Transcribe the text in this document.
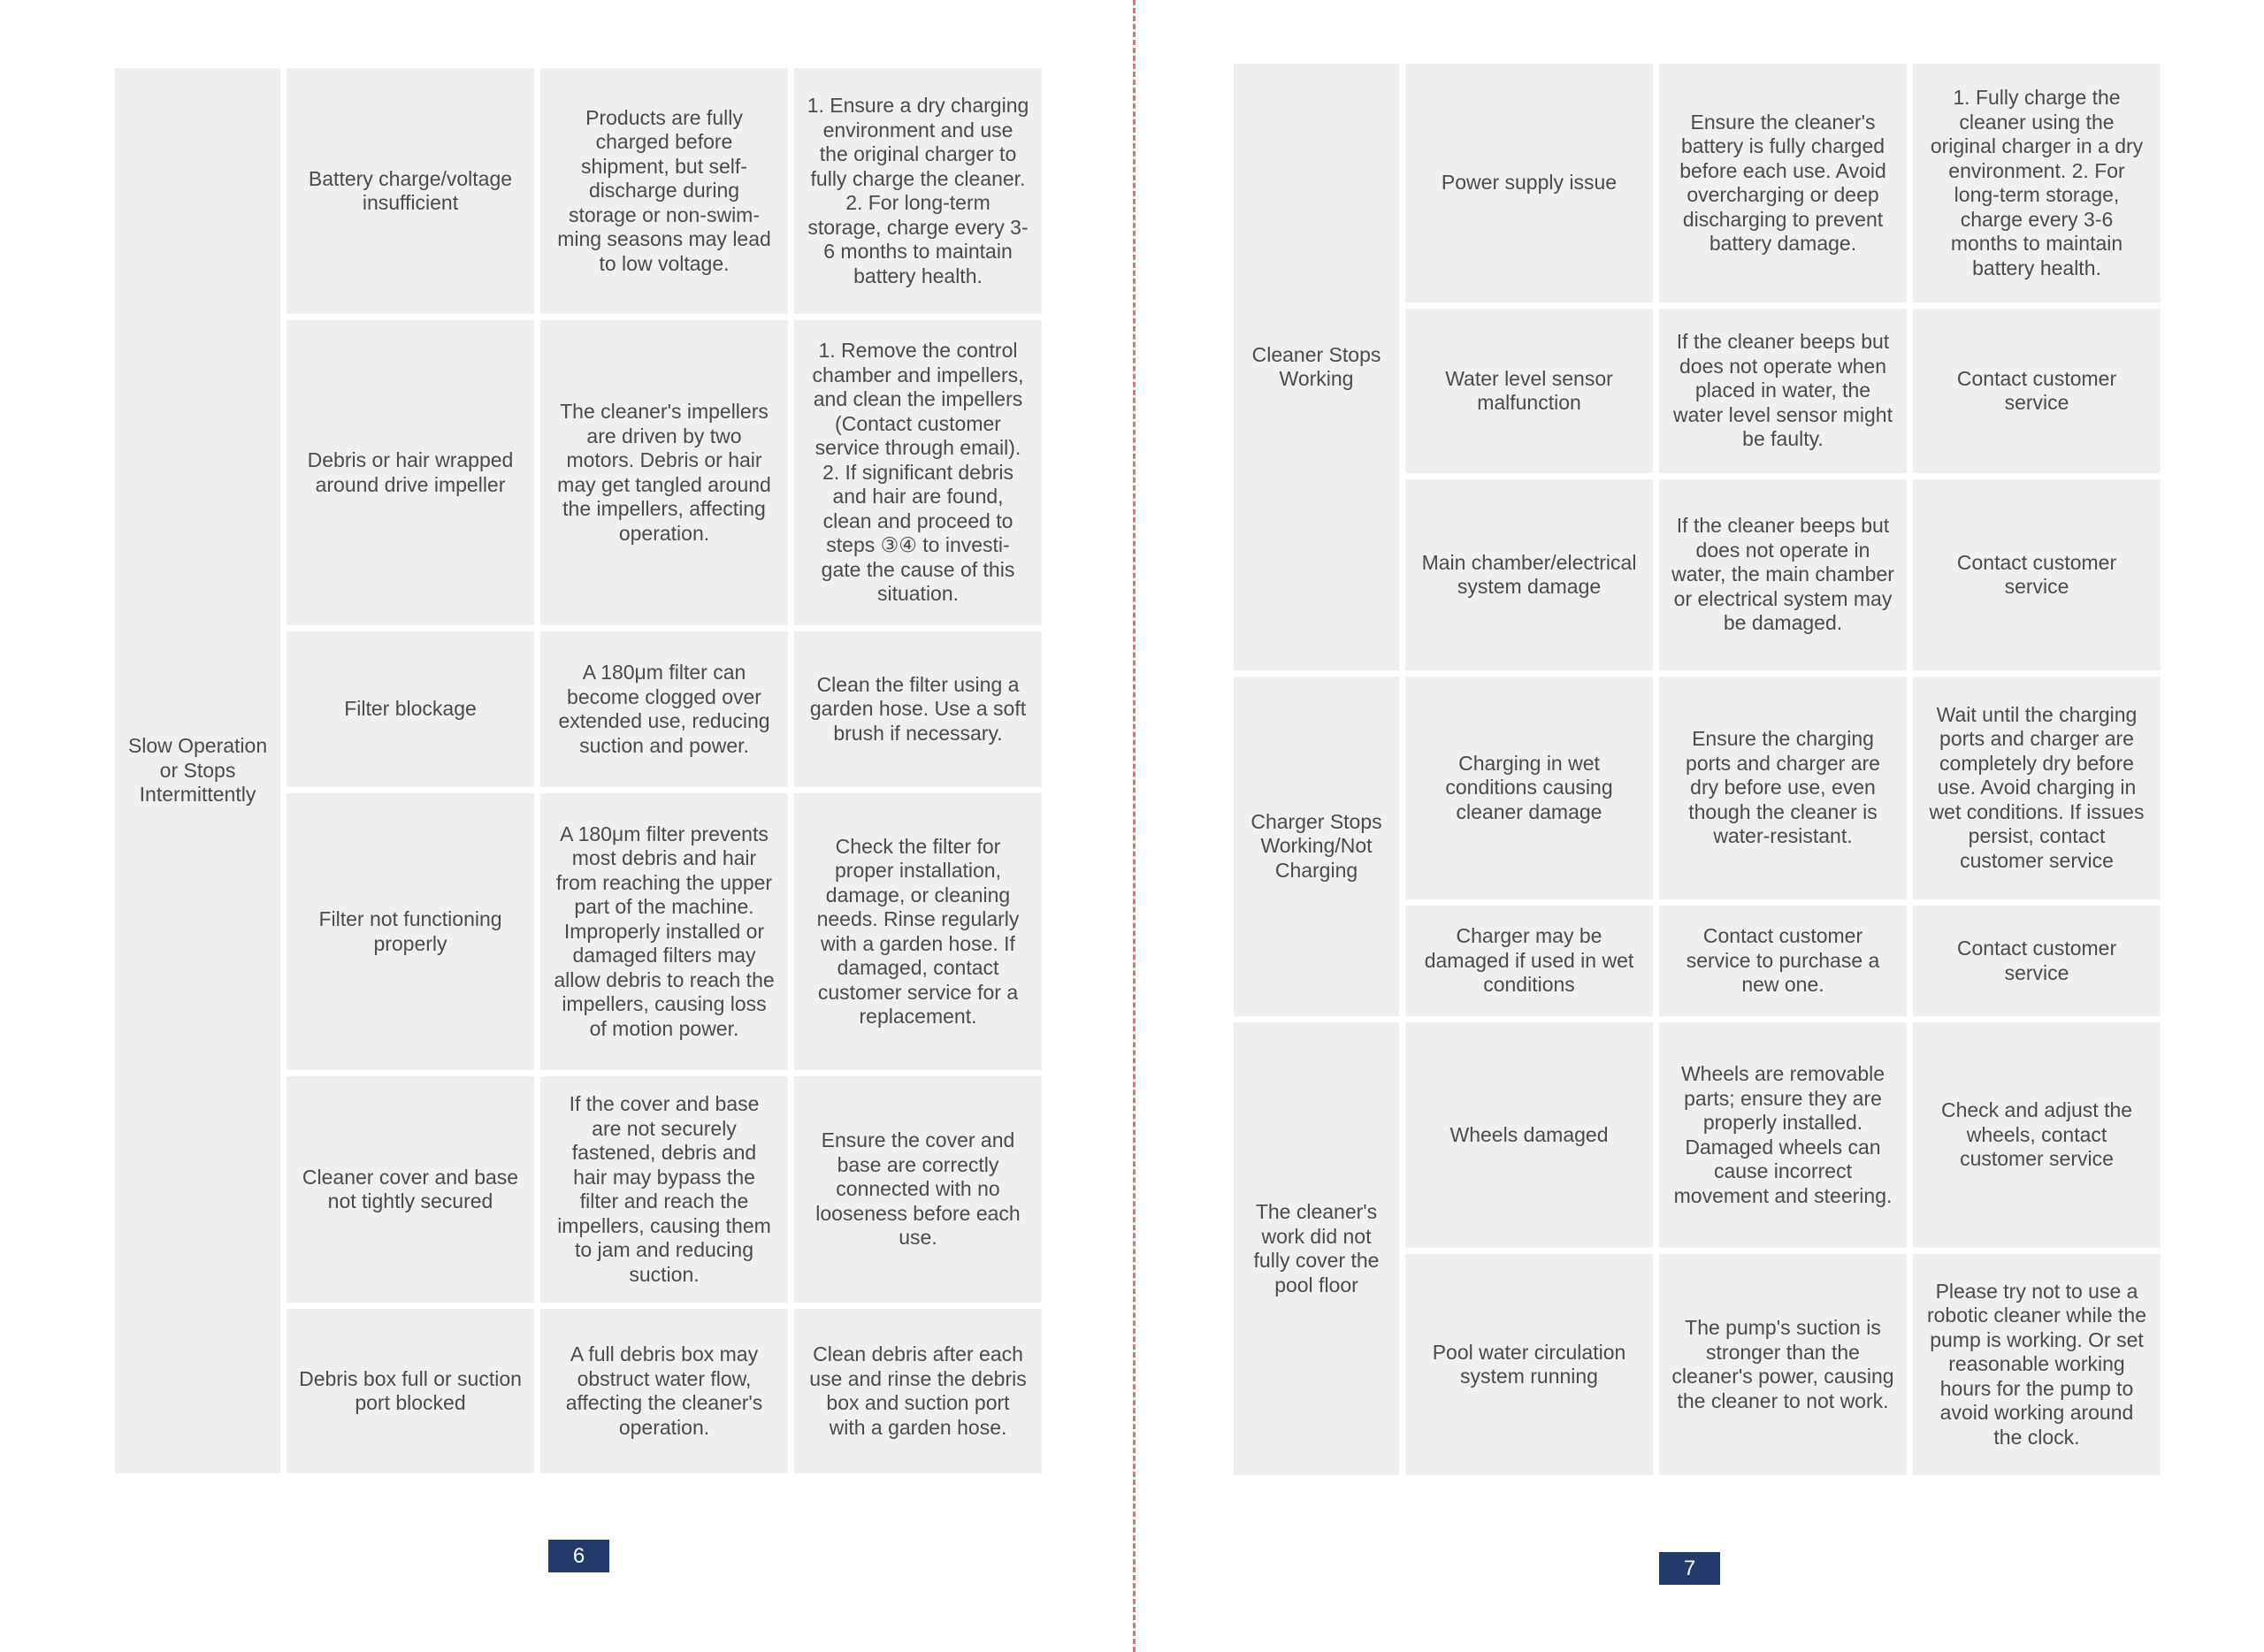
Slow Operation or Stops Intermittently
Battery charge/voltage insufficient
Products are fully charged before shipment, but self-discharge during storage or non-swim-ming seasons may lead to low voltage.
1. Ensure a dry charging environment and use the original charger to fully charge the cleaner. 2. For long-term storage, charge every 3-6 months to maintain battery health.
Debris or hair wrapped around drive impeller
The cleaner's impellers are driven by two motors. Debris or hair may get tangled around the impellers, affecting operation.
1. Remove the control chamber and impellers, and clean the impellers (Contact customer service through email). 2. If significant debris and hair are found, clean and proceed to steps ③④ to investi-gate the cause of this situation.
Filter blockage
A 180μm filter can become clogged over extended use, reducing suction and power.
Clean the filter using a garden hose. Use a soft brush if necessary.
Filter not functioning properly
A 180μm filter prevents most debris and hair from reaching the upper part of the machine. Improperly installed or damaged filters may allow debris to reach the impellers, causing loss of motion power.
Check the filter for proper installation, damage, or cleaning needs. Rinse regularly with a garden hose. If damaged, contact customer service for a replacement.
Cleaner cover and base not tightly secured
If the cover and base are not securely fastened, debris and hair may bypass the filter and reach the impellers, causing them to jam and reducing suction.
Ensure the cover and base are correctly connected with no looseness before each use.
Debris box full or suction port blocked
A full debris box may obstruct water flow, affecting the cleaner's operation.
Clean debris after each use and rinse the debris box and suction port with a garden hose.
6
Cleaner Stops Working
Charger Stops Working/Not Charging
The cleaner's work did not fully cover the pool floor
Power supply issue
Ensure the cleaner's battery is fully charged before each use. Avoid overcharging or deep discharging to prevent battery damage.
1. Fully charge the cleaner using the original charger in a dry environment. 2. For long-term storage, charge every 3-6 months to maintain battery health.
Water level sensor malfunction
If the cleaner beeps but does not operate when placed in water, the water level sensor might be faulty.
Contact customer service
Main chamber/electrical system damage
If the cleaner beeps but does not operate in water, the main chamber or electrical system may be damaged.
Contact customer service
Charging in wet conditions causing cleaner damage
Ensure the charging ports and charger are dry before use, even though the cleaner is water-resistant.
Wait until the charging ports and charger are completely dry before use. Avoid charging in wet conditions. If issues persist, contact customer service
Charger may be damaged if used in wet conditions
Contact customer service to purchase a new one.
Contact customer service
Wheels damaged
Wheels are removable parts; ensure they are properly installed. Damaged wheels can cause incorrect movement and steering.
Check and adjust the wheels, contact customer service
Pool water circulation system running
The pump's suction is stronger than the cleaner's power, causing the cleaner to not work.
Please try not to use a robotic cleaner while the pump is working. Or set reasonable working hours for the pump to avoid working around the clock.
7
